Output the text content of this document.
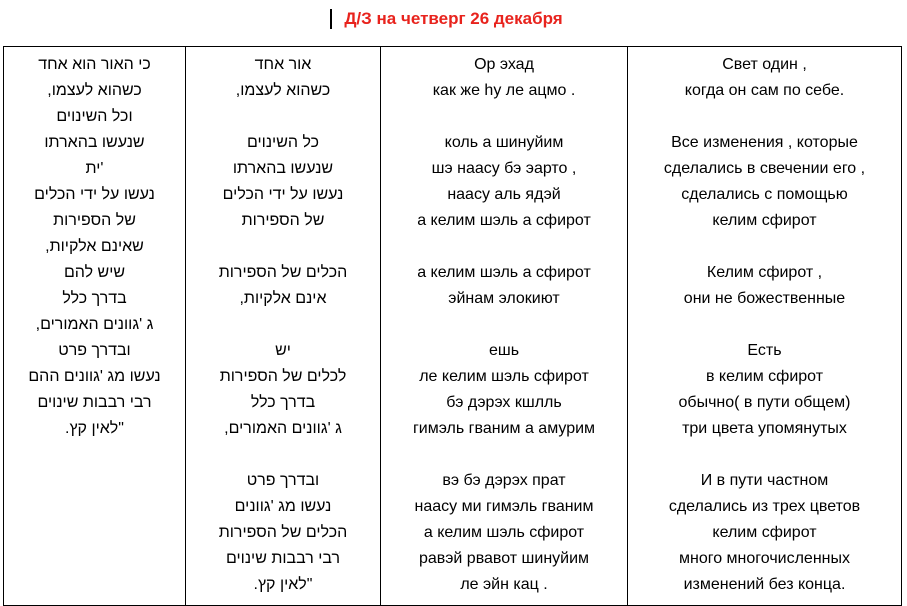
Д/З на четверг 26 декабря
כי האור הוא אחד
כשהוא לעצמו,
וכל השינוים
שנעשו בהארתו
'ית
נעשו על ידי הכלים
של הספירות
שאינם אלקיות,
שיש להם
בדרך כלל
ג 'גוונים האמורים,
ובדרך פרט
נעשו מג 'גוונים ההם
רבי רבבות שינוים
"לאין קץ.

אור אחד
כשהוא לעצמו,
כל השינוים
שנעשו בהארתו
נעשו על ידי הכלים
של הספירות
הכלים של הספירות
אינם אלקיות,
יש
לכלים של הספירות
בדרך כלל
ג 'גוונים האמורים,
ובדרך פרט
נעשו מג 'גוונים
הכלים של הספירות
רבי רבבות שינוים
"לאין קץ.

Ор эхад
как же hу ле ацмо .
коль а шинуйим
шэ наасу бэ эарто ,
наасу аль ядэй
а келим шэль а сфирот
а келим шэль а сфирот
эйнам элокиют
ешь
ле келим шэль сфирот
бэ дэрэх кшлль
гимэль гваним а амурим
вэ бэ дэрэх прат
наасу ми гимэль гваним
а келим шэль сфирот
равэй рвавот шинуйим
ле эйн кац .

Свет один ,
когда он сам по себе.
Все изменения , которые
сделались в свечении его ,
сделались с помощью
келим сфирот
Келим сфирот ,
они не божественные
Есть
в келим сфирот
обычно( в пути общем)
три цвета упомянутых
И в пути частном
сделались из трех цветов
келим сфирот
много многочисленных
изменений без конца.
